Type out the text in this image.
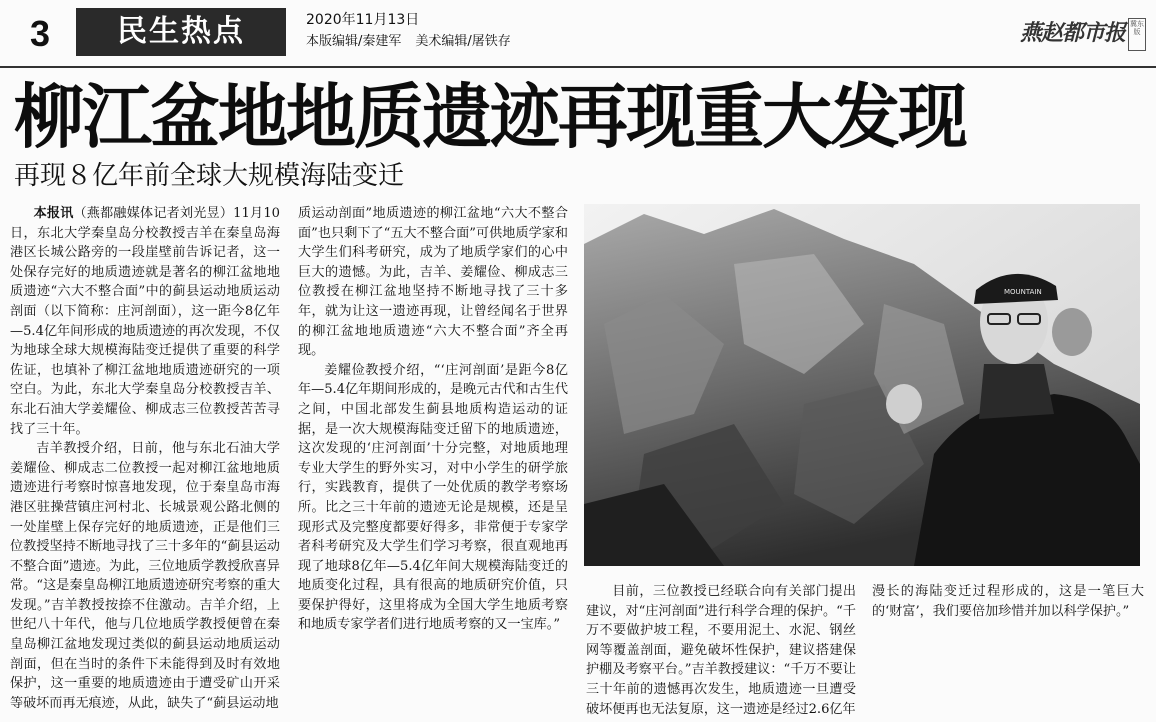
3	民生热点	2020年11月13日
本版编辑/秦建军 美术编辑/屠铁存	燕赵都市报 冀东版
柳江盆地地质遗迹再现重大发现
再现８亿年前全球大规模海陆变迁

本报讯（燕都融媒体记者刘光昱）11月10日，东北大学秦皇岛分校教授吉羊在秦皇岛海港区长城公路旁的一段崖壁前告诉记者，这一处保存完好的地质遗迹就是著名的柳江盆地地质遗迹“六大不整合面”中的蓟县运动地质运动剖面（以下简称：庄河剖面），这一距今8亿年—5.4亿年间形成的地质遗迹的再次发现，不仅为地球全球大规模海陆变迁提供了重要的科学佐证，也填补了柳江盆地地质遗迹研究的一项空白。为此，东北大学秦皇岛分校教授吉羊、东北石油大学姜耀俭、柳成志三位教授苦苦寻找了三十年。

吉羊教授介绍，日前，他与东北石油大学姜耀俭、柳成志二位教授一起对柳江盆地地质遗迹进行考察时惊喜地发现，位于秦皇岛市海港区驻操营镇庄河村北、长城景观公路北侧的一处崖壁上保存完好的地质遗迹，正是他们三位教授坚持不断地寻找了三十多年的“蓟县运动不整合面”遗迹。为此，三位地质学教授欣喜异常。“这是秦皇岛柳江地质遗迹研究考察的重大发现。”吉羊教授按捺不住激动。吉羊介绍，上世纪八十年代，他与几位地质学教授便曾在秦皇岛柳江盆地发现过类似的蓟县运动地质运动剖面，但在当时的条件下未能得到及时有效地保护，这一重要的地质遗迹由于遭受矿山开采等破坏而再无痕迹，从此，缺失了“蓟县运动地

质运动剖面”地质遗迹的柳江盆地“六大不整合面”也只剩下了“五大不整合面”可供地质学家和大学生们科考研究，成为了地质学家们的心中巨大的遗憾。为此，吉羊、姜耀俭、柳成志三位教授在柳江盆地坚持不断地寻找了三十多年，就为让这一遗迹再现，让曾经闻名于世界的柳江盆地地质遗迹“六大不整合面”齐全再现。

姜耀俭教授介绍，“‘庄河剖面’是距今8亿年—5.4亿年期间形成的，是晚元古代和古生代之间，中国北部发生蓟县地质构造运动的证据，是一次大规模海陆变迁留下的地质遗迹，这次发现的‘庄河剖面’十分完整，对地质地理专业大学生的野外实习，对中小学生的研学旅行，实践教育，提供了一处优质的教学考察场所。比之三十年前的遗迹无论是规模，还是呈现形式及完整度都要好得多，非常便于专家学者科考研究及大学生们学习考察，很直观地再现了地球8亿年—5.4亿年间大规模海陆变迁的地质变化过程，具有很高的地质研究价值，只要保护得好，这里将成为全国大学生地质考察和地质专家学者们进行地质考察的又一宝库。”

目前，三位教授已经联合向有关部门提出建议，对“庄河剖面”进行科学合理的保护。“千万不要做护坡工程，不要用泥土、水泥、钢丝网等覆盖剖面，避免破坏性保护，建议搭建保护棚及考察平台。”吉羊教授建议：“千万不要让三十年前的遗憾再次发生，地质遗迹一旦遭受破坏便再也无法复原，这一遗迹是经过2.6亿年

漫长的海陆变迁过程形成的，这是一笔巨大的‘财富’，我们要倍加珍惜并加以科学保护。”

MOUNTAIN
